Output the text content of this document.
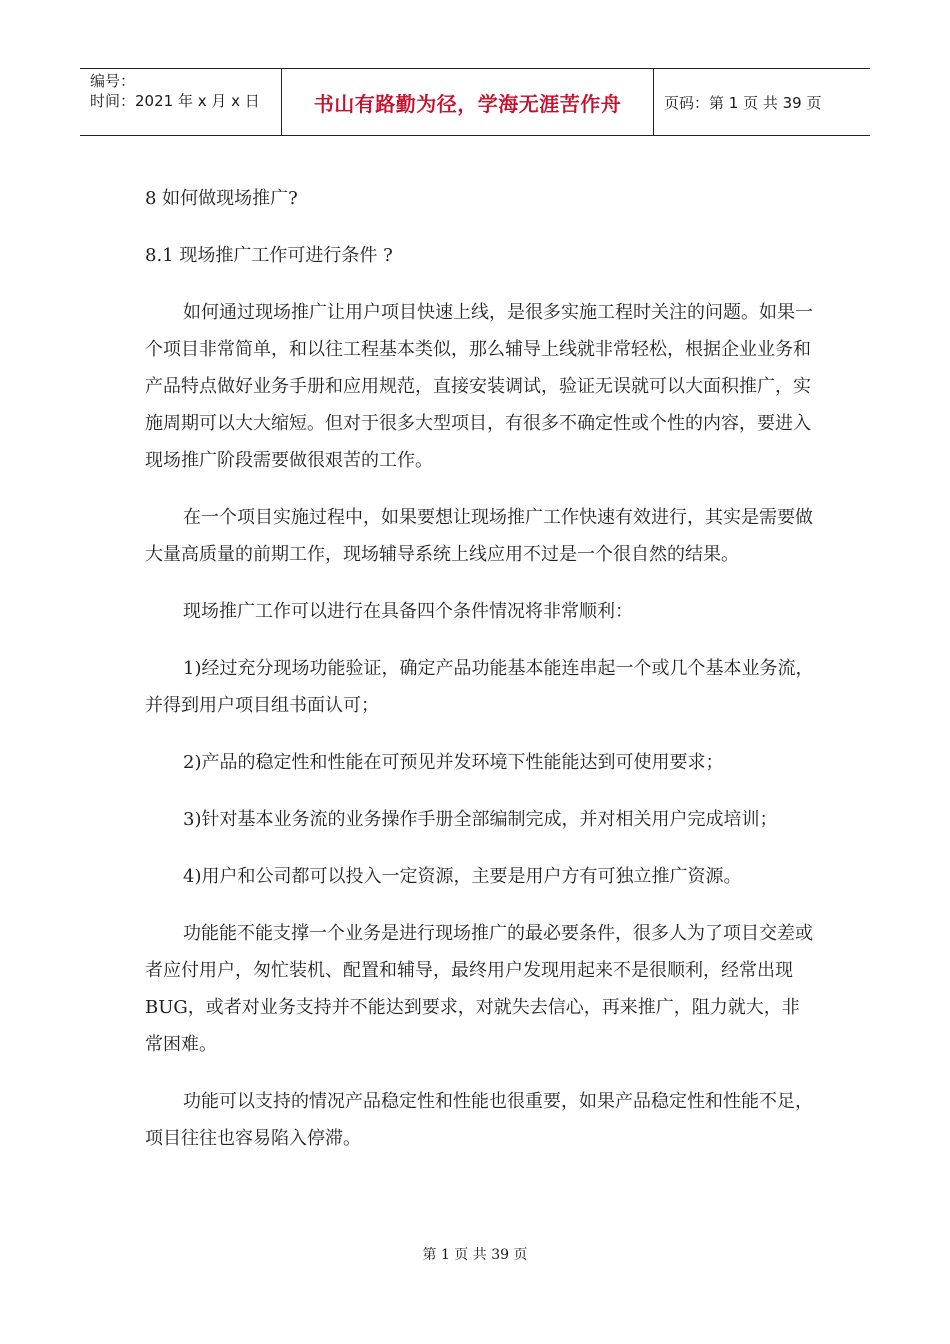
编号：
时间：2021 年 x 月 x 日	书山有路勤为径，学海无涯苦作舟	页码：第 1 页 共 39 页

8 如何做现场推广?

8.1 现场推广工作可进行条件 ?

如何通过现场推广让用户项目快速上线，是很多实施工程时关注的问题。如果一个项目非常简单，和以往工程基本类似，那么辅导上线就非常轻松，根据企业业务和产品特点做好业务手册和应用规范，直接安装调试，验证无误就可以大面积推广，实施周期可以大大缩短。但对于很多大型项目，有很多不确定性或个性的内容，要进入现场推广阶段需要做很艰苦的工作。

在一个项目实施过程中，如果要想让现场推广工作快速有效进行，其实是需要做大量高质量的前期工作，现场辅导系统上线应用不过是一个很自然的结果。

现场推广工作可以进行在具备四个条件情况将非常顺利：

1)经过充分现场功能验证，确定产品功能基本能连串起一个或几个基本业务流，并得到用户项目组书面认可；

2)产品的稳定性和性能在可预见并发环境下性能能达到可使用要求；

3)针对基本业务流的业务操作手册全部编制完成，并对相关用户完成培训；

4)用户和公司都可以投入一定资源，主要是用户方有可独立推广资源。

功能能不能支撑一个业务是进行现场推广的最必要条件，很多人为了项目交差或者应付用户，匆忙装机、配置和辅导，最终用户发现用起来不是很顺利，经常出现 BUG，或者对业务支持并不能达到要求，对就失去信心，再来推广，阻力就大，非常困难。

功能可以支持的情况产品稳定性和性能也很重要，如果产品稳定性和性能不足，项目往往也容易陷入停滞。

第 1 页 共 39 页
